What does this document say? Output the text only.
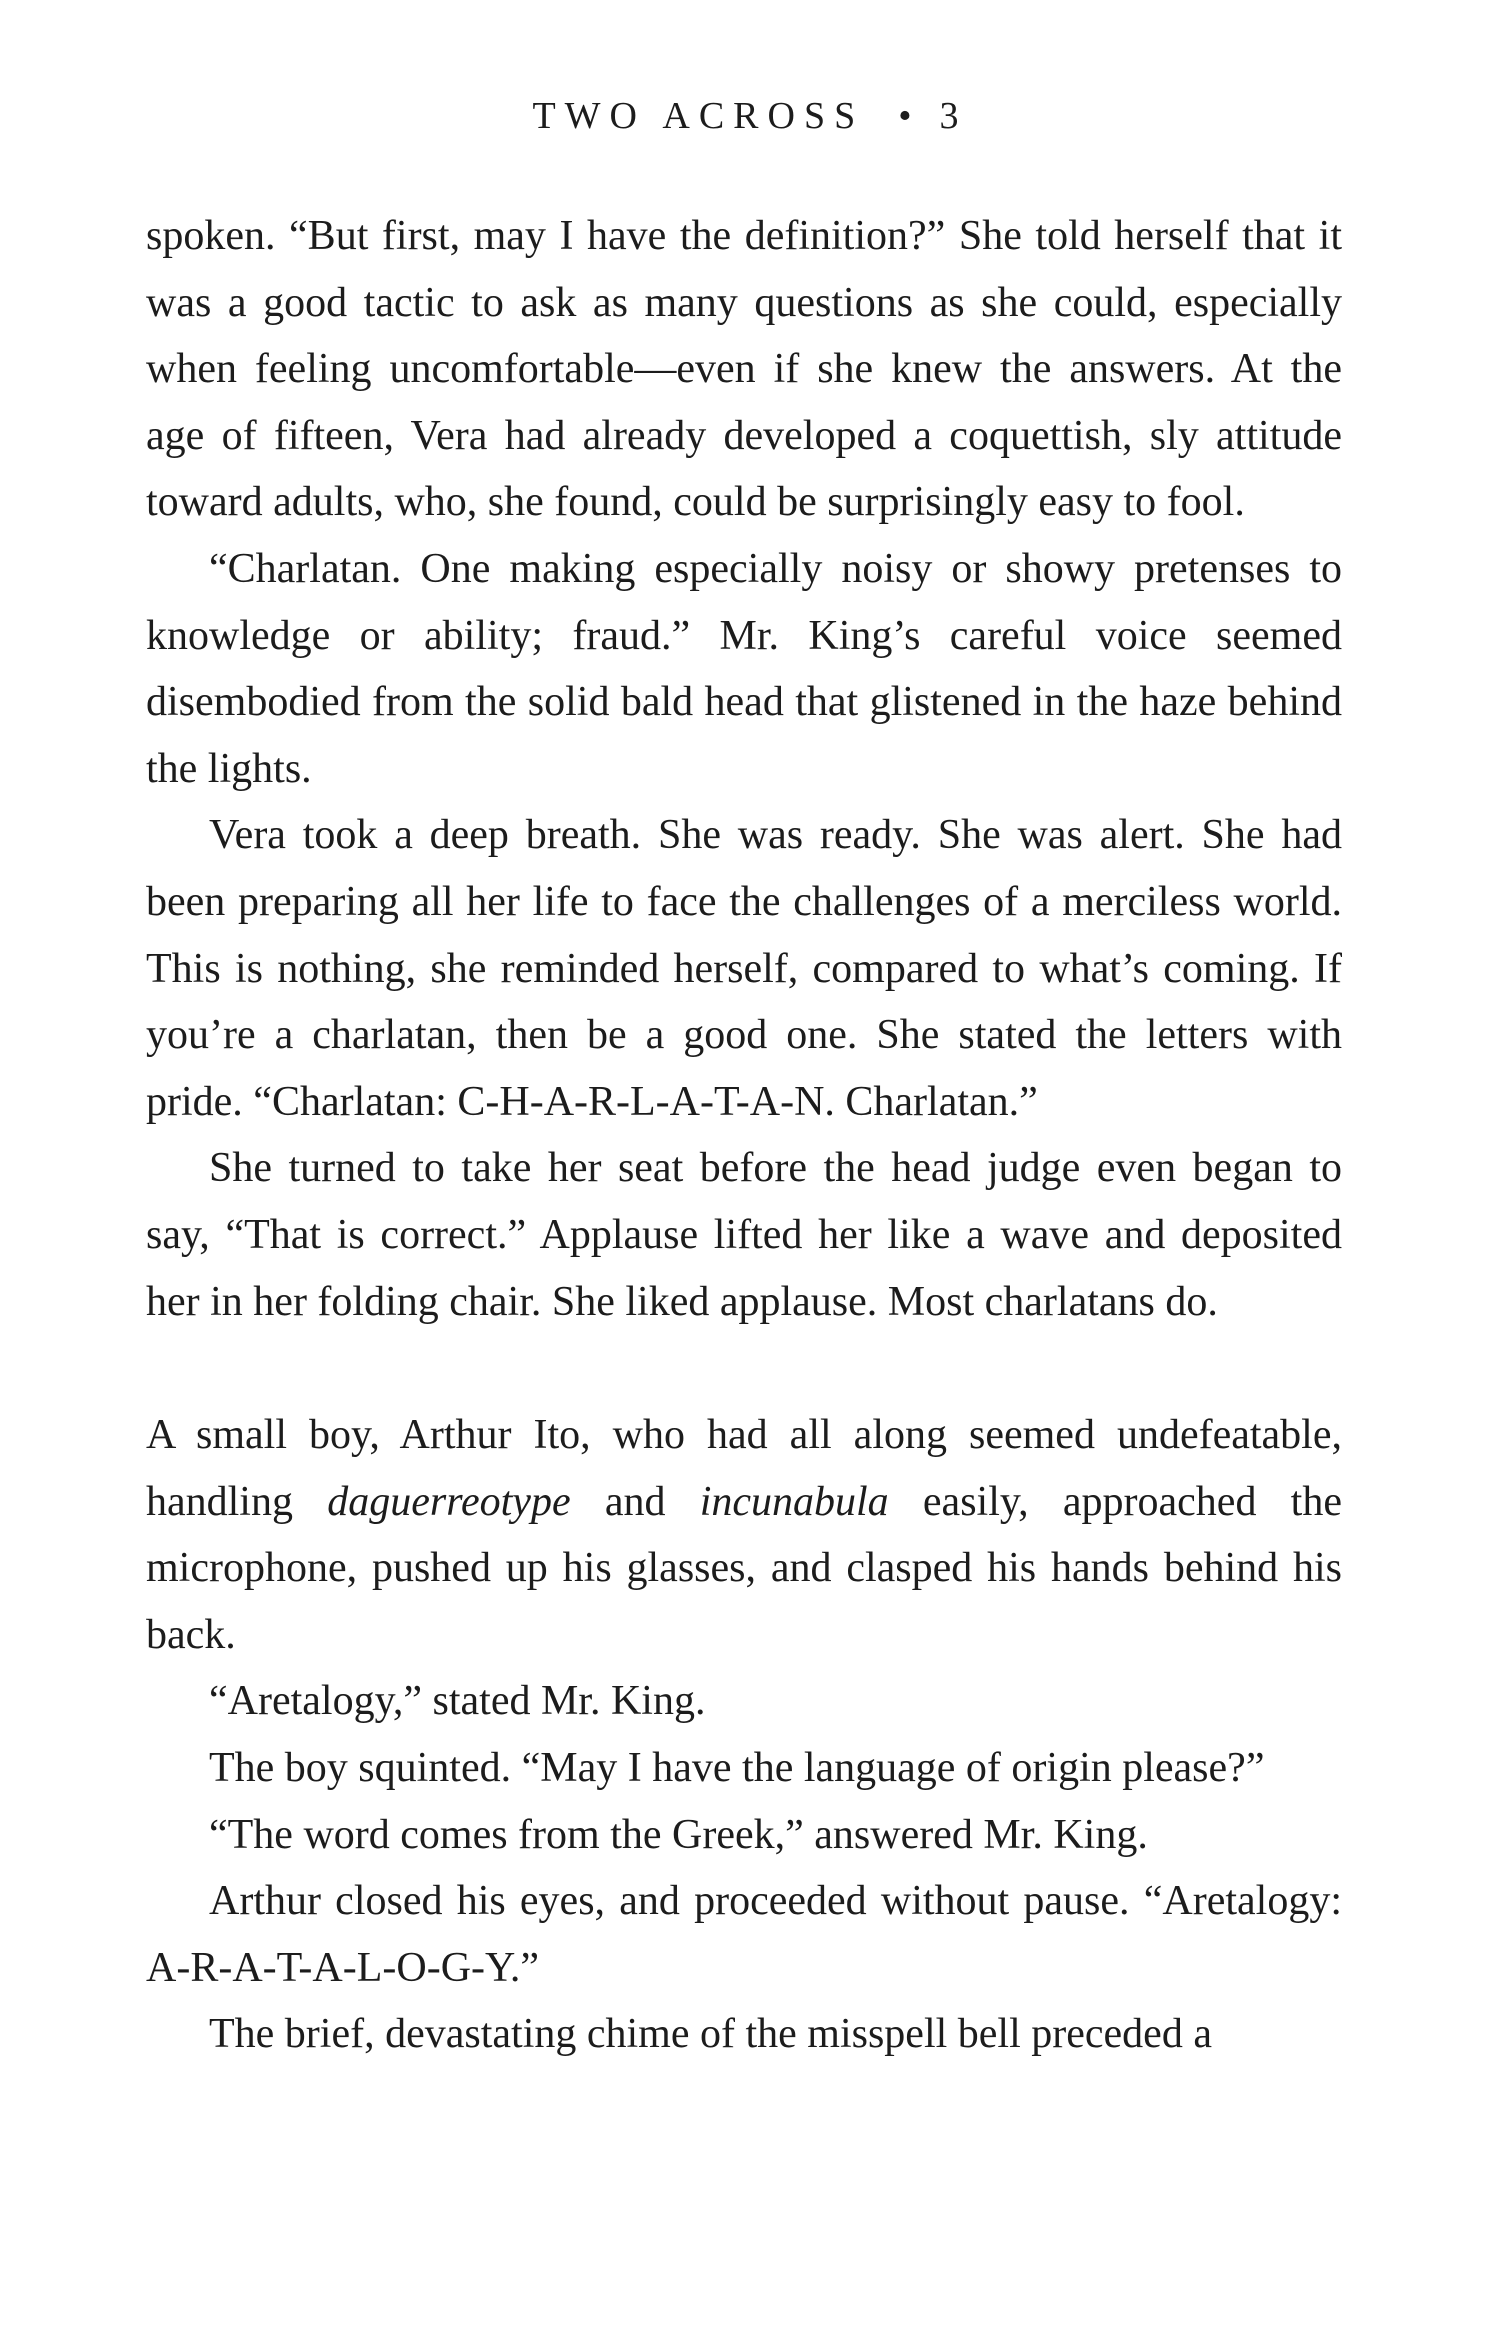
TWO ACROSS • 3

spoken. “But first, may I have the definition?” She told herself that it was a good tactic to ask as many questions as she could, especially when feeling uncomfortable—even if she knew the answers. At the age of fifteen, Vera had already developed a coquettish, sly attitude toward adults, who, she found, could be surprisingly easy to fool.

“Charlatan. One making especially noisy or showy pretenses to knowledge or ability; fraud.” Mr. King’s careful voice seemed disembodied from the solid bald head that glistened in the haze behind the lights.

Vera took a deep breath. She was ready. She was alert. She had been preparing all her life to face the challenges of a merciless world. This is nothing, she reminded herself, compared to what’s coming. If you’re a charlatan, then be a good one. She stated the letters with pride. “Charlatan: C-H-A-R-L-A-T-A-N. Charlatan.”

She turned to take her seat before the head judge even began to say, “That is correct.” Applause lifted her like a wave and deposited her in her folding chair. She liked applause. Most charlatans do.

A small boy, Arthur Ito, who had all along seemed undefeatable, handling daguerreotype and incunabula easily, approached the microphone, pushed up his glasses, and clasped his hands behind his back.

“Aretalogy,” stated Mr. King.

The boy squinted. “May I have the language of origin please?”

“The word comes from the Greek,” answered Mr. King.

Arthur closed his eyes, and proceeded without pause. “Aretalogy: A-R-A-T-A-L-O-G-Y.”

The brief, devastating chime of the misspell bell preceded a
